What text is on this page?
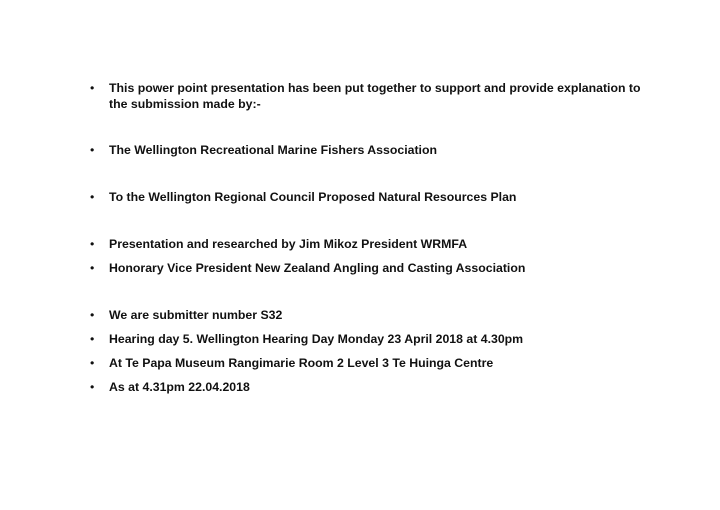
• This power point presentation has been put together to support and provide explanation to the submission made by:-
• The Wellington Recreational Marine Fishers Association
• To the Wellington Regional Council Proposed Natural Resources Plan
• Presentation and researched by Jim Mikoz President WRMFA
• Honorary Vice President New Zealand Angling and Casting Association
• We are submitter number S32
• Hearing day 5. Wellington Hearing Day Monday 23 April 2018 at 4.30pm
• At Te Papa Museum Rangimarie Room 2 Level 3 Te Huinga Centre
• As at 4.31pm 22.04.2018
